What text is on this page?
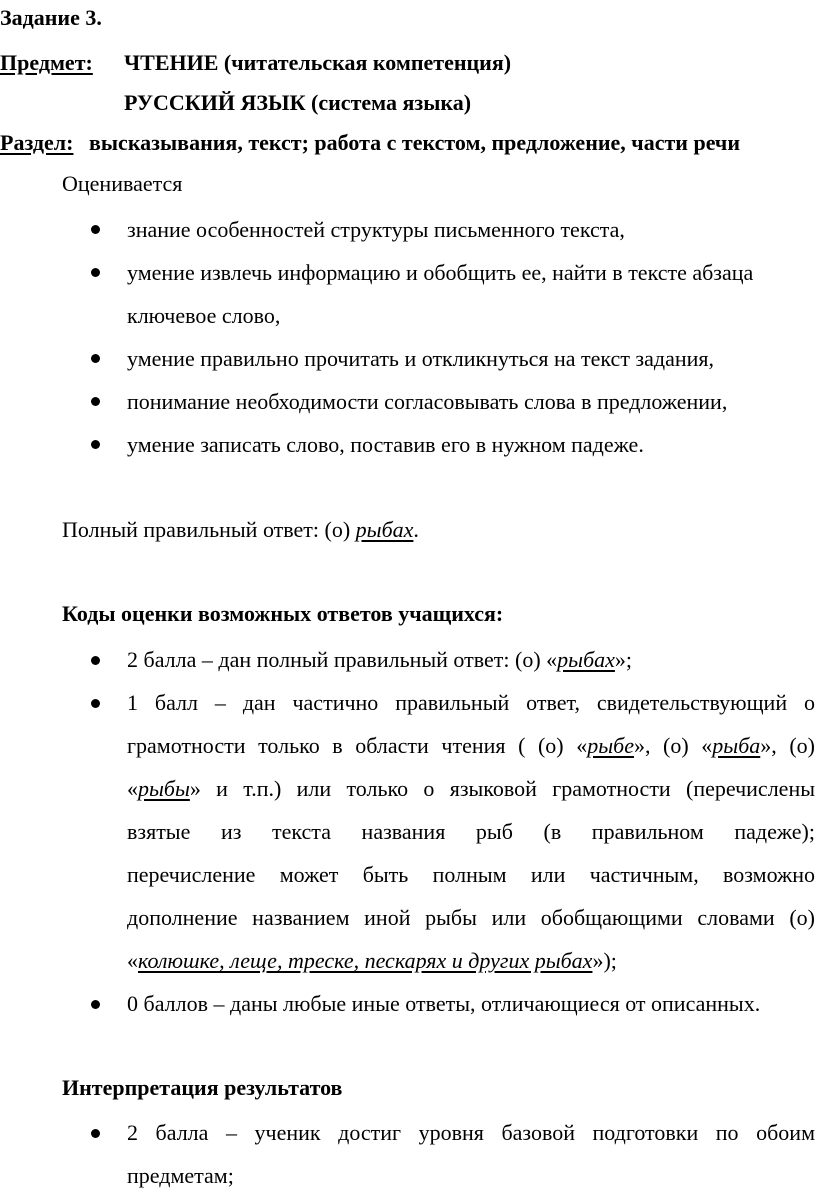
Задание 3.
Предмет: ЧТЕНИЕ (читательская компетенция)
РУССКИЙ ЯЗЫК (система языка)
Раздел: высказывания, текст; работа с текстом, предложение, части речи
Оценивается
знание особенностей структуры письменного текста,
умение извлечь информацию и обобщить ее, найти в тексте абзаца
ключевое слово,
умение правильно прочитать и откликнуться на текст задания,
понимание необходимости согласовывать слова в предложении,
умение записать слово, поставив его в нужном падеже.
Полный правильный ответ: (о) рыбах.
Коды оценки возможных ответов учащихся:
2 балла – дан полный правильный ответ: (о) «рыбах»;
1 балл – дан частично правильный ответ, свидетельствующий о
грамотности только в области чтения ( (о) «рыбе», (о) «рыба», (о)
«рыбы» и т.п.) или только о языковой грамотности (перечислены
взятые из текста названия рыб (в правильном падеже);
перечисление может быть полным или частичным, возможно
дополнение названием иной рыбы или обобщающими словами (о)
«колюшке, леще, треске, пескарях и других рыбах»);
0 баллов – даны любые иные ответы, отличающиеся от описанных.
Интерпретация результатов
2 балла – ученик достиг уровня базовой подготовки по обоим
предметам;
